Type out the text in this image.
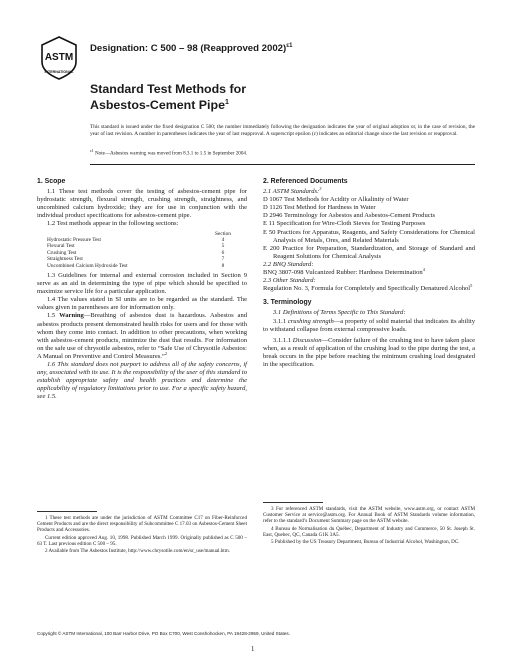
ASTM
INTERNATIONAL
Designation: C 500 – 98 (Reapproved 2002)$^{\varepsilon 1}$
Standard Test Methods for
Asbestos-Cement Pipe$^1$
This standard is issued under the fixed designation C 500; the number immediately following the designation indicates the year of original adoption or, in the case of revision, the year of last revision. A number in parentheses indicates the year of last reapproval. A superscript epsilon (ε) indicates an editorial change since the last revision or reapproval.
$^{\varepsilon 1}$ Note—Asbestos warning was moved from 8.3.1 to 1.5 in September 2004.
1. Scope

1.1 These test methods cover the testing of asbestos-cement pipe for hydrostatic strength, flexural strength, crushing strength, straightness, and uncombined calcium hydroxide; they are for use in conjunction with the individual product specifications for asbestos-cement pipe.

1.2 Test methods appear in the following sections:

Section
Hydrostatic Pressure Test	4
Flexural Test	5
Crushing Test	6
Straightness Test	7
Uncombined Calcium Hydroxide Test	8

1.3 Guidelines for internal and external corrosion included in Section 9 serve as an aid in determining the type of pipe which should be specified to maximize service life for a particular application.

1.4 The values stated in SI units are to be regarded as the standard. The values given in parentheses are for information only.

1.5 Warning—Breathing of asbestos dust is hazardous. Asbestos and asbestos products present demonstrated health risks for users and for those with whom they come into contact. In addition to other precautions, when working with asbestos-cement products, minimize the dust that results. For information on the safe use of chrysotile asbestos, refer to “Safe Use of Chrysotile Asbestos: A Manual on Preventive and Control Measures.”$^2$

1.6 This standard does not purport to address all of the safety concerns, if any, associated with its use. It is the responsibility of the user of this standard to establish appropriate safety and health practices and determine the applicability of regulatory limitations prior to use. For a specific safety hazard, see 1.5.

2. Referenced Documents

2.1 ASTM Standards:$^3$

D 1067 Test Methods for Acidity or Alkalinity of Water

D 1126 Test Method for Hardness in Water

D 2946 Terminology for Asbestos and Asbestos-Cement Products

E 11 Specification for Wire-Cloth Sieves for Testing Purposes

E 50 Practices for Apparatus, Reagents, and Safety Considerations for Chemical Analysis of Metals, Ores, and Related Materials

E 200 Practice for Preparation, Standardization, and Storage of Standard and Reagent Solutions for Chemical Analysis

2.2 BNQ Standard:

BNQ 3807-098 Vulcanized Rubber: Hardness Determination$^4$

2.3 Other Standard:

Regulation No. 3, Formula for Completely and Specifically Denatured Alcohol$^5$

3. Terminology

3.1 Definitions of Terms Specific to This Standard:

3.1.1 crushing strength—a property of solid material that indicates its ability to withstand collapse from external compressive loads.

3.1.1.1 Discussion—Consider failure of the crushing test to have taken place when, as a result of application of the crushing load to the pipe during the test, a break occurs in the pipe before reaching the minimum crushing load designated in the specification.

1 These test methods are under the jurisdiction of ASTM Committee C17 on Fiber-Reinforced Cement Products and are the direct responsibility of Subcommittee C 17.03 on Asbestos-Cement Sheet Products and Accessories.

Current edition approved Aug. 10, 1998. Published March 1999. Originally published as C 500 – 63 T. Last previous edition C 500 – 95.

2 Available from The Asbestos Institute, http://www.chrysotile.com/en/sr_use/manual.htm.

3 For referenced ASTM standards, visit the ASTM website, www.astm.org, or contact ASTM Customer Service at service@astm.org. For Annual Book of ASTM Standards volume information, refer to the standard’s Document Summary page on the ASTM website.

4 Bureau de Normalisation du Québec, Department of Industry and Commerce, 50 St. Joseph St. East, Quebec, QC, Canada G1K 3A5.

5 Published by the US Treasury Department, Bureau of Industrial Alcohol, Washington, DC.

Copyright © ASTM International, 100 Barr Harbor Drive, PO Box C700, West Conshohocken, PA 19428-2959, United States.
1
